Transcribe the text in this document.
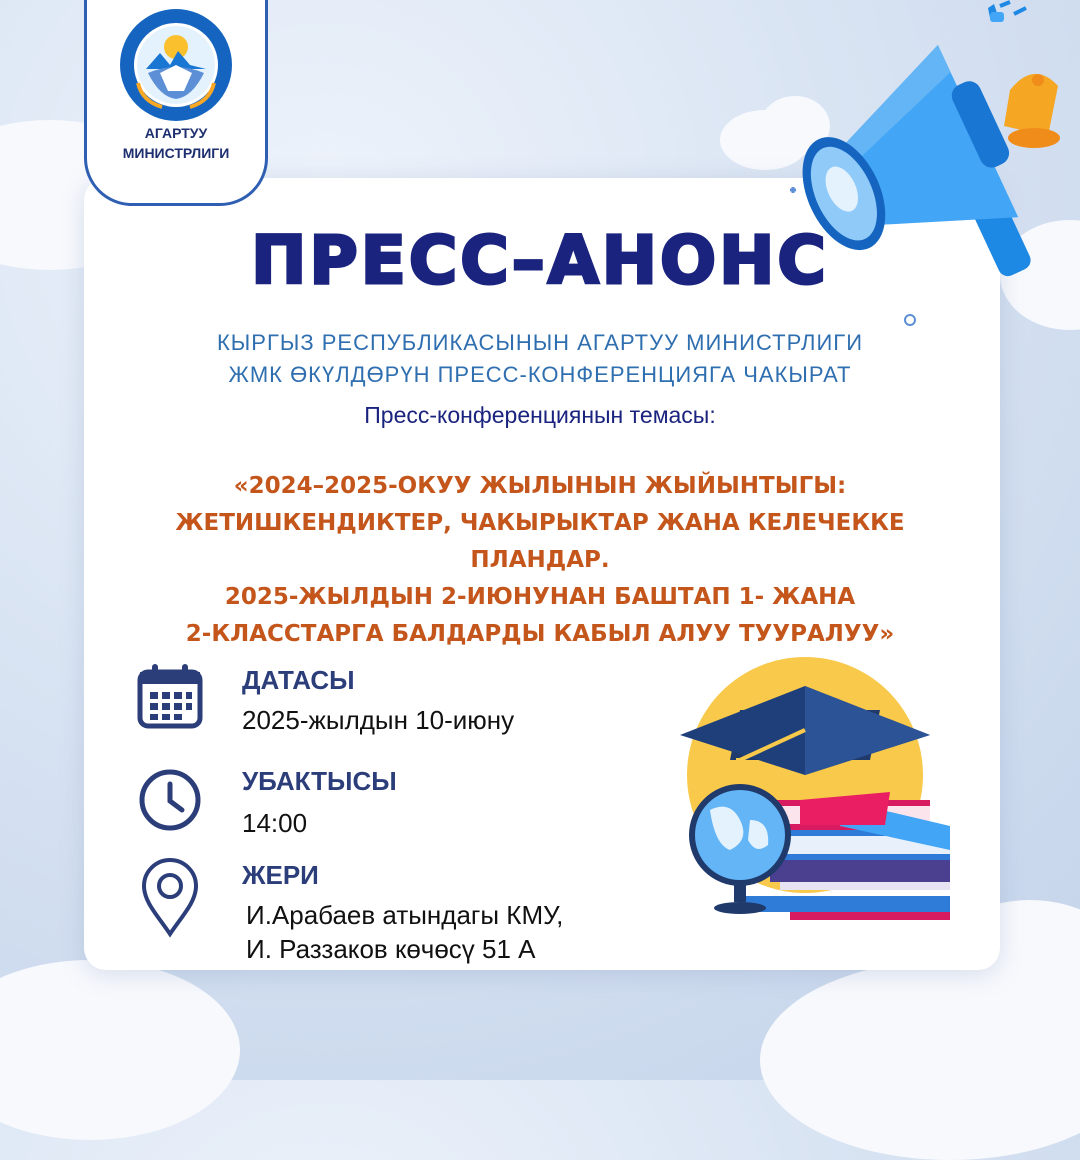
АГАРТУУ
МИНИСТРЛИГИ
ПРЕСС–АНОНС
КЫРГЫЗ РЕСПУБЛИКАСЫНЫН АГАРТУУ МИНИСТРЛИГИ
ЖМК ӨКҮЛДӨРҮН ПРЕСС-КОНФЕРЕНЦИЯГА ЧАКЫРАТ
Пресс-конференциянын темасы:
«2024–2025-ОКУУ ЖЫЛЫНЫН ЖЫЙЫНТЫГЫ:
ЖЕТИШКЕНДИКТЕР, ЧАКЫРЫКТАР ЖАНА КЕЛЕЧЕККЕ
ПЛАНДАР.
2025-ЖЫЛДЫН 2-ИЮНУНАН БАШТАП 1- ЖАНА
2-КЛАССТАРГА БАЛДАРДЫ КАБЫЛ АЛУУ ТУУРАЛУУ»
ДАТАСЫ
2025-жылдын 10-июну
УБАКТЫСЫ
14:00
ЖЕРИ
И.Арабаев атындагы КМУ,
И. Раззаков көчөсү 51 А
